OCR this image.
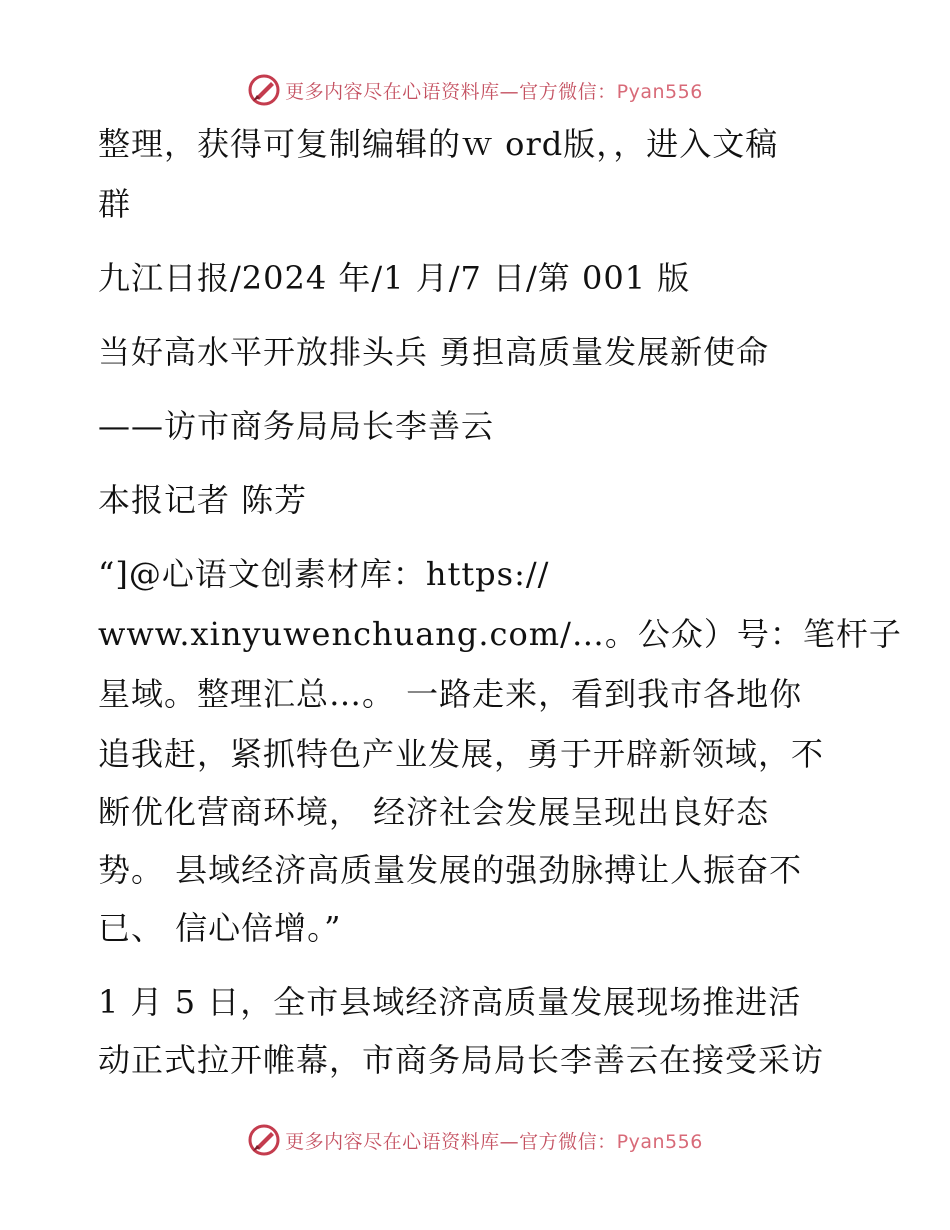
更多内容尽在心语资料库—官方微信：Pyan556
整理，获得可复制编辑的ｗ ord版，，进入文稿
群
九江日报/2024 年/1 月/7 日/第 001 版
当好高水平开放排头兵 勇担高质量发展新使命
——访市商务局局长李善云
本报记者 陈芳
“]@心语文创素材库：https://
www.xinyuwenchuang.com/…。公众）号：笔杆子
星域。整理汇总…。 一路走来，看到我市各地你
追我赶，紧抓特色产业发展，勇于开辟新领域，不
断优化营商环境， 经济社会发展呈现出良好态
势。 县域经济高质量发展的强劲脉搏让人振奋不
已、 信心倍增。”
1 月 5 日，全市县域经济高质量发展现场推进活
动正式拉开帷幕，市商务局局长李善云在接受采访
更多内容尽在心语资料库—官方微信：Pyan556
